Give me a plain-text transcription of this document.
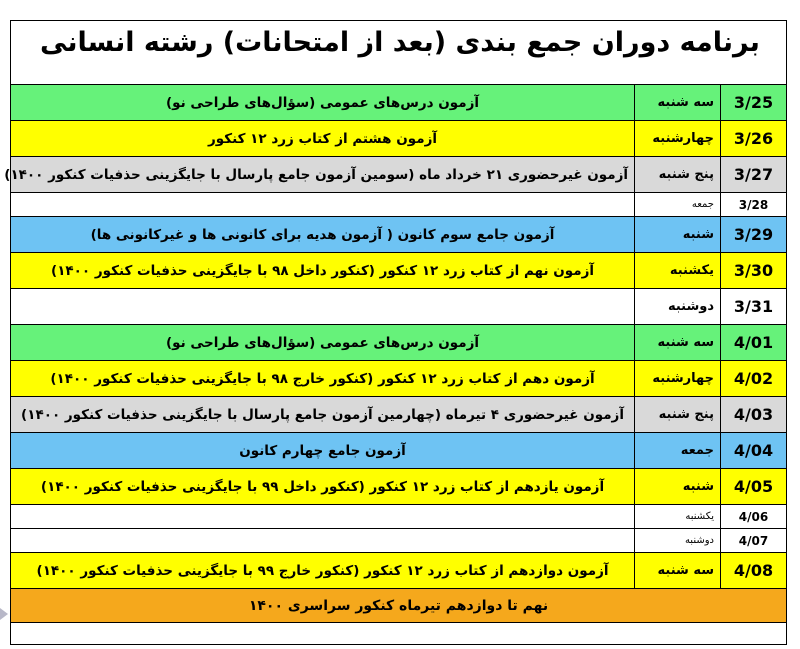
برنامه دوران جمع بندی (بعد از امتحانات) رشته انسانی
3/25	سه شنبه	آزمون درس‌های عمومی (سؤال‌های طراحی نو)
3/26	چهارشنبه	آزمون هشتم از کتاب زرد ۱۲ کنکور
3/27	پنج شنبه	آزمون غیرحضوری ۲۱ خرداد ماه (سومین آزمون جامع پارسال با جایگزینی حذفیات کنکور ۱۴۰۰)
3/28	جمعه	
3/29	شنبه	آزمون جامع سوم کانون ( آزمون هدیه برای کانونی ها و غیرکانونی ها)
3/30	یکشنبه	آزمون نهم از کتاب زرد ۱۲ کنکور (کنکور داخل ۹۸ با جایگزینی حذفیات کنکور ۱۴۰۰)
3/31	دوشنبه	
4/01	سه شنبه	آزمون درس‌های عمومی (سؤال‌های طراحی نو)
4/02	چهارشنبه	آزمون دهم از کتاب زرد ۱۲ کنکور (کنکور خارج ۹۸ با جایگزینی حذفیات کنکور ۱۴۰۰)
4/03	پنج شنبه	آزمون غیرحضوری ۴ تیرماه (چهارمین آزمون جامع پارسال با جایگزینی حذفیات کنکور ۱۴۰۰)
4/04	جمعه	آزمون جامع چهارم کانون
4/05	شنبه	آزمون یازدهم از کتاب زرد ۱۲ کنکور (کنکور داخل ۹۹ با جایگزینی حذفیات کنکور ۱۴۰۰)
4/06	یکشنبه	
4/07	دوشنبه	
4/08	سه شنبه	آزمون دوازدهم از کتاب زرد ۱۲ کنکور (کنکور خارج ۹۹ با جایگزینی حذفیات کنکور ۱۴۰۰)
نهم تا دوازدهم تیرماه کنکور سراسری ۱۴۰۰		
